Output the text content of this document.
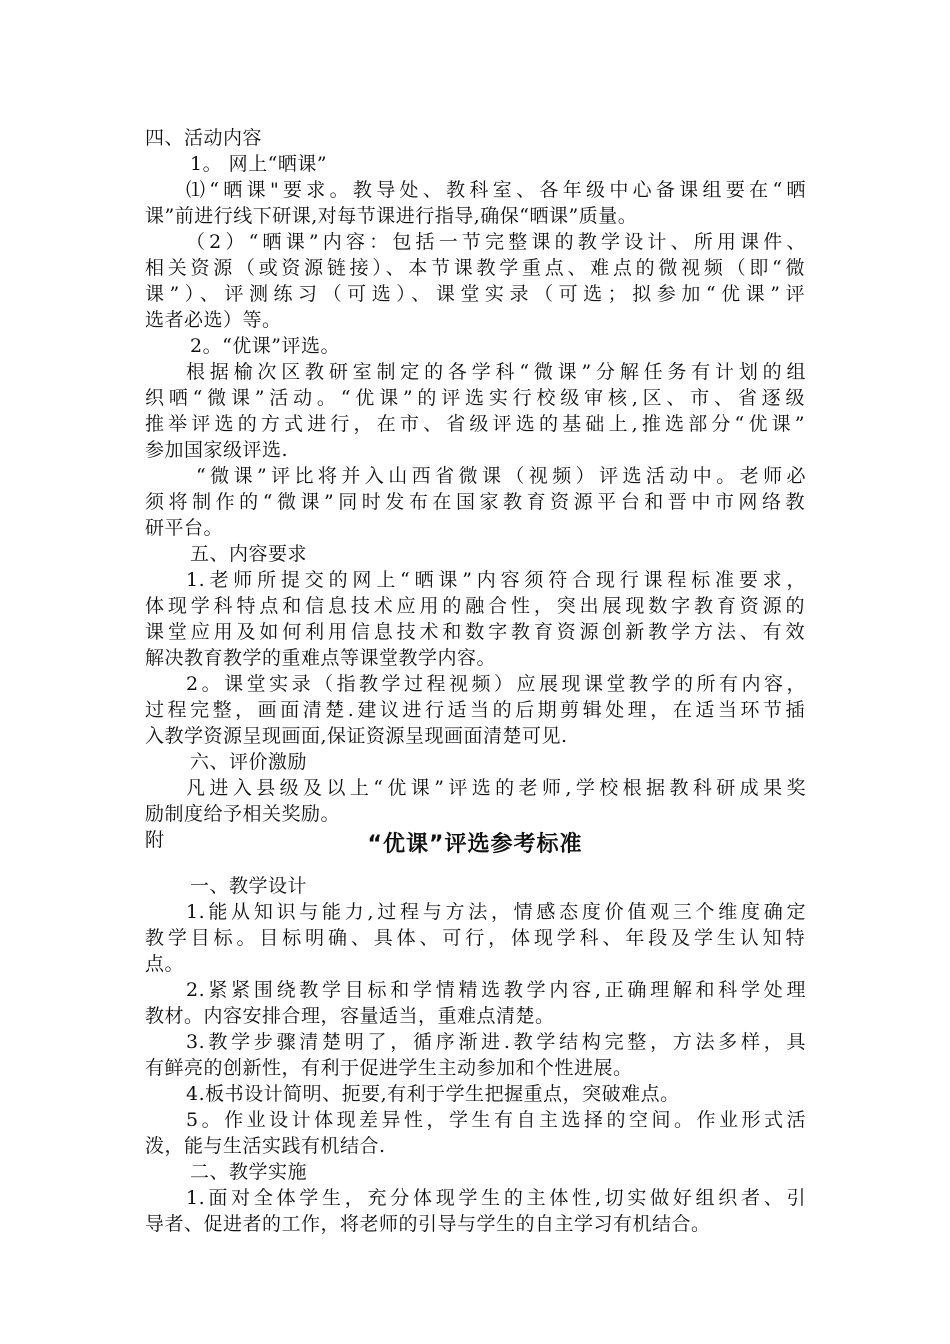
四、活动内容
1。 网上“晒课”
⑴“晒课"要求。教导处、教科室、各年级中心备课组要在“晒
课”前进行线下研课,对每节课进行指导,确保“晒课”质量。
（2）“晒课”内容：包括一节完整课的教学设计、所用课件、
相关资源（或资源链接）、本节课教学重点、难点的微视频（即“微
课”）、评测练习（可选）、课堂实录（可选；拟参加“优课”评
选者必选）等。
2。“优课”评选。
根据榆次区教研室制定的各学科“微课”分解任务有计划的组
织哂“微课”活动。“优课”的评选实行校级审核,区、市、省逐级
推举评选的方式进行，在市、省级评选的基础上,推选部分“优课”
参加国家级评选.
“微课”评比将并入山西省微课（视频）评选活动中。老师必
须将制作的“微课”同时发布在国家教育资源平台和晋中市网络教
研平台。
五、内容要求
1.老师所提交的网上“晒课”内容须符合现行课程标准要求，
体现学科特点和信息技术应用的融合性，突出展现数字教育资源的
课堂应用及如何利用信息技术和数字教育资源创新教学方法、有效
解决教育教学的重难点等课堂教学内容。
2。课堂实录（指教学过程视频）应展现课堂教学的所有内容，
过程完整，画面清楚.建议进行适当的后期剪辑处理，在适当环节插
入教学资源呈现画面,保证资源呈现画面清楚可见.
六、评价激励
凡进入县级及以上“优课”评选的老师,学校根据教科研成果奖
励制度给予相关奖励。
附	“优课”评选参考标准
一、教学设计
1.能从知识与能力,过程与方法，情感态度价值观三个维度确定
教学目标。目标明确、具体、可行，体现学科、年段及学生认知特
点。
2.紧紧围绕教学目标和学情精选教学内容,正确理解和科学处理
教材。内容安排合理，容量适当，重难点清楚。
3.教学步骤清楚明了，循序渐进.教学结构完整，方法多样，具
有鲜亮的创新性，有利于促进学生主动参加和个性进展。
4.板书设计简明、扼要,有利于学生把握重点，突破难点。
5。作业设计体现差异性，学生有自主选择的空间。作业形式活
泼，能与生活实践有机结合.
二、教学实施
1.面对全体学生，充分体现学生的主体性,切实做好组织者、引
导者、促进者的工作，将老师的引导与学生的自主学习有机结合。
